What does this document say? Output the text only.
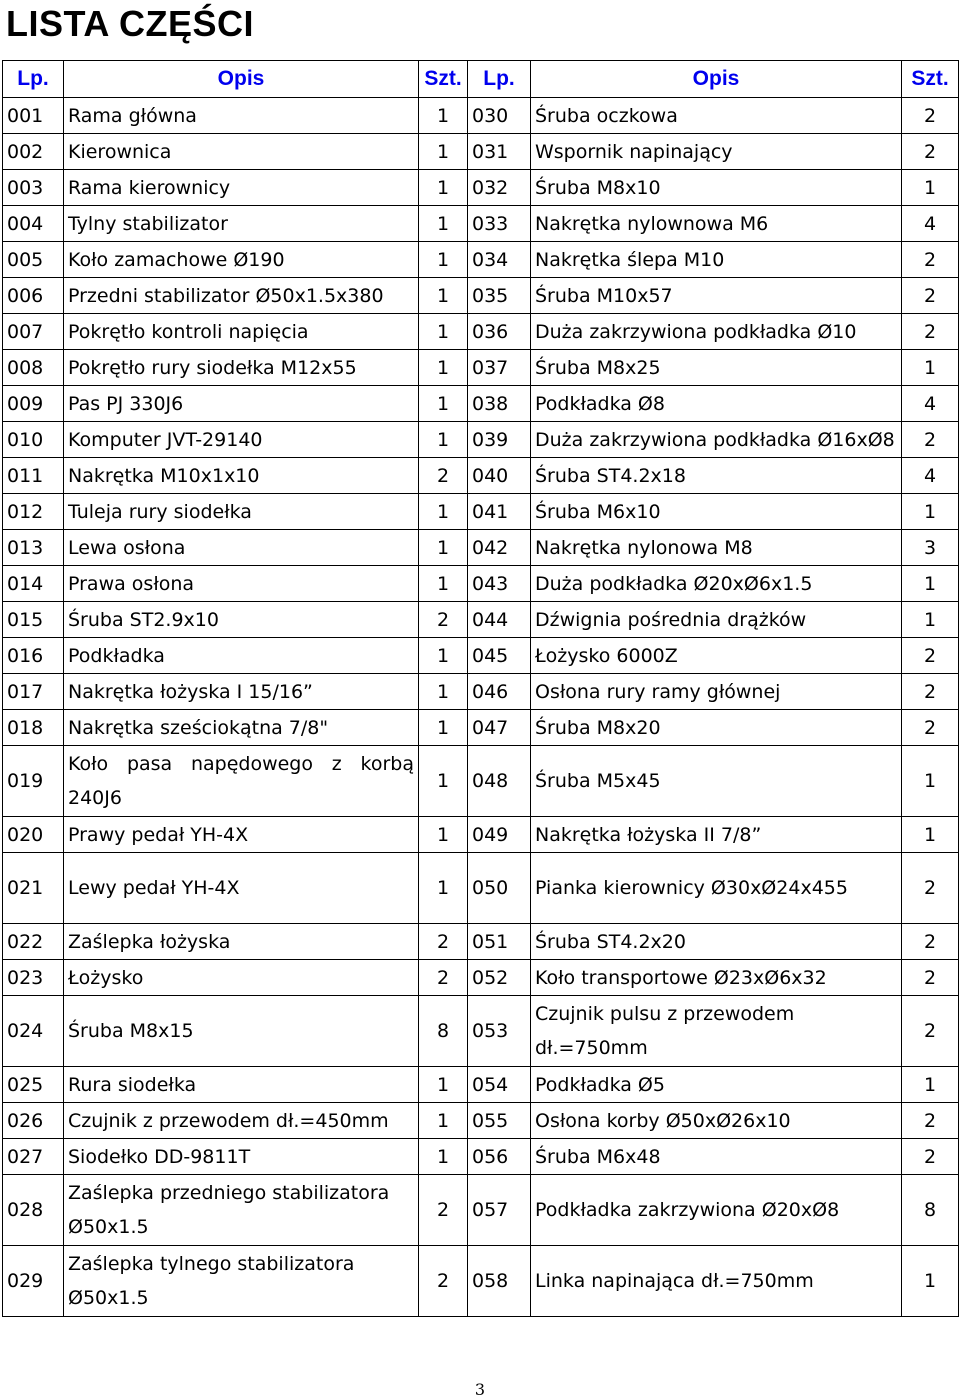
LISTA CZĘŚCI
Lp.	Opis	Szt.	Lp.	Opis	Szt.
001	Rama główna	1	030	Śruba oczkowa	2
002	Kierownica	1	031	Wspornik napinający	2
003	Rama kierownicy	1	032	Śruba M8x10	1
004	Tylny stabilizator	1	033	Nakrętka nylownowa M6	4
005	Koło zamachowe Ø190	1	034	Nakrętka ślepa M10	2
006	Przedni stabilizator Ø50x1.5x380	1	035	Śruba M10x57	2
007	Pokrętło kontroli napięcia	1	036	Duża zakrzywiona podkładka Ø10	2
008	Pokrętło rury siodełka M12x55	1	037	Śruba M8x25	1
009	Pas PJ 330J6	1	038	Podkładka Ø8	4
010	Komputer JVT-29140	1	039	Duża zakrzywiona podkładka Ø16xØ8	2
011	Nakrętka M10x1x10	2	040	Śruba ST4.2x18	4
012	Tuleja rury siodełka	1	041	Śruba M6x10	1
013	Lewa osłona	1	042	Nakrętka nylonowa M8	3
014	Prawa osłona	1	043	Duża podkładka Ø20xØ6x1.5	1
015	Śruba ST2.9x10	2	044	Dźwignia pośrednia drążków	1
016	Podkładka	1	045	Łożysko 6000Z	2
017	Nakrętka łożyska I 15/16”	1	046	Osłona rury ramy głównej	2
018	Nakrętka sześciokątna 7/8"	1	047	Śruba M8x20	2
019	Koło pasa napędowego z korbą 240J6	1	048	Śruba M5x45	1
020	Prawy pedał YH-4X	1	049	Nakrętka łożyska II 7/8”	1
021	Lewy pedał YH-4X	1	050	Pianka kierownicy Ø30xØ24x455	2
022	Zaślepka łożyska	2	051	Śruba ST4.2x20	2
023	Łożysko	2	052	Koło transportowe Ø23xØ6x32	2
024	Śruba M8x15	8	053	Czujnik pulsu z przewodem dł.=750mm	2
025	Rura siodełka	1	054	Podkładka Ø5	1
026	Czujnik z przewodem dł.=450mm	1	055	Osłona korby Ø50xØ26x10	2
027	Siodełko DD-9811T	1	056	Śruba M6x48	2
028	Zaślepka przedniego stabilizatora Ø50x1.5	2	057	Podkładka zakrzywiona Ø20xØ8	8
029	Zaślepka tylnego stabilizatora Ø50x1.5	2	058	Linka napinająca dł.=750mm	1
3
